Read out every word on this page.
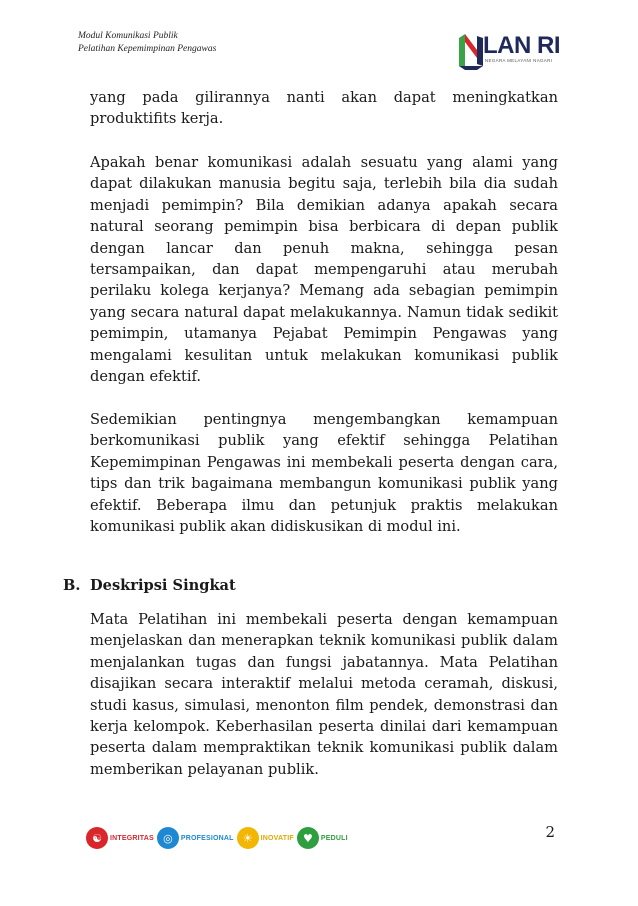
Modul Komunikasi Publik
Pelatihan Kepemimpinan Pengawas	LAN RI
NEGARA MELAYANI NAGARI

yang pada gilirannya nanti akan dapat meningkatkan produktifits kerja.

Apakah benar komunikasi adalah sesuatu yang alami yang dapat dilakukan manusia begitu saja, terlebih bila dia sudah menjadi pemimpin? Bila demikian adanya apakah secara natural seorang pemimpin bisa berbicara di depan publik dengan lancar dan penuh makna, sehingga pesan tersampaikan, dan dapat mempengaruhi atau merubah perilaku kolega kerjanya? Memang ada sebagian pemimpin yang secara natural dapat melakukannya. Namun tidak sedikit pemimpin, utamanya Pejabat Pemimpin Pengawas yang mengalami kesulitan untuk melakukan komunikasi publik dengan efektif.

Sedemikian pentingnya mengembangkan kemampuan berkomunikasi publik yang efektif sehingga Pelatihan Kepemimpinan Pengawas ini membekali peserta dengan cara, tips dan trik bagaimana membangun komunikasi publik yang efektif. Beberapa ilmu dan petunjuk praktis melakukan komunikasi publik akan didiskusikan di modul ini.

B. Deskripsi Singkat

Mata Pelatihan ini membekali peserta dengan kemampuan menjelaskan dan menerapkan teknik komunikasi publik dalam menjalankan tugas dan fungsi jabatannya. Mata Pelatihan disajikan secara interaktif melalui metoda ceramah, diskusi, studi kasus, simulasi, menonton film pendek, demonstrasi dan kerja kelompok. Keberhasilan peserta dinilai dari kemampuan peserta dalam mempraktikan teknik komunikasi publik dalam memberikan pelayanan publik.

☯	INTEGRITAS ◎	PROFESIONAL ☀	INOVATIF ♥	PEDULI	2
